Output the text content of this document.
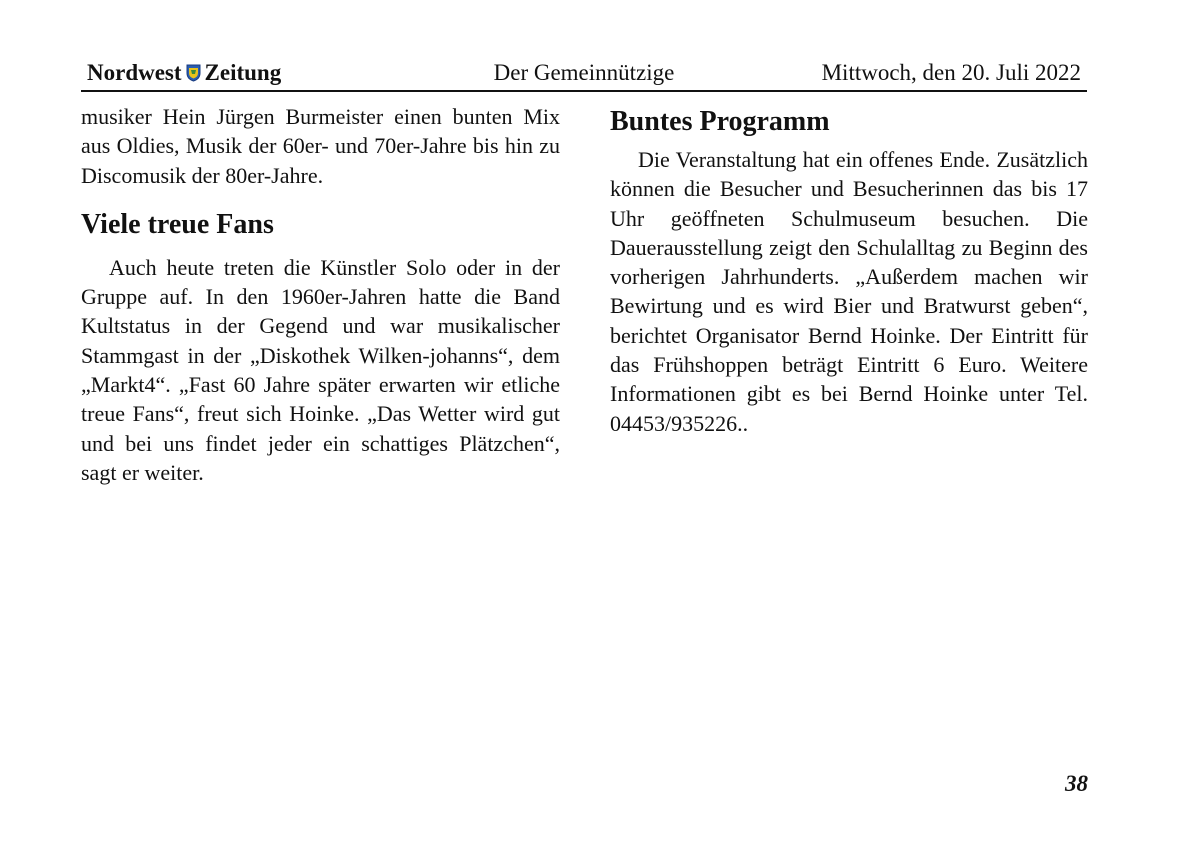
Nordwest Zeitung	Der Gemeinnützige	Mittwoch, den 20. Juli 2022

musiker Hein Jürgen Burmeister einen bunten Mix aus Oldies, Musik der 60er- und 70er-Jahre bis hin zu Discomusik der 80er-Jahre.

Viele treue Fans

Auch heute treten die Künstler Solo oder in der Gruppe auf. In den 1960er-Jahren hatte die Band Kultstatus in der Gegend und war musikalischer Stammgast in der „Diskothek Wilken-johanns“, dem „Markt4“. „Fast 60 Jahre später erwarten wir etliche treue Fans“, freut sich Hoinke. „Das Wetter wird gut und bei uns findet jeder ein schattiges Plätzchen“, sagt er weiter.

Buntes Programm

Die Veranstaltung hat ein offenes Ende. Zusätzlich können die Besucher und Besucherinnen das bis 17 Uhr geöffneten Schulmuseum besuchen. Die Dauerausstellung zeigt den Schulalltag zu Beginn des vorherigen Jahrhunderts. „Außerdem machen wir Bewirtung und es wird Bier und Bratwurst geben“, berichtet Organisator Bernd Hoinke. Der Eintritt für das Frühshoppen beträgt Eintritt 6 Euro. Weitere Informationen gibt es bei Bernd Hoinke unter Tel. 04453/935226..

38
